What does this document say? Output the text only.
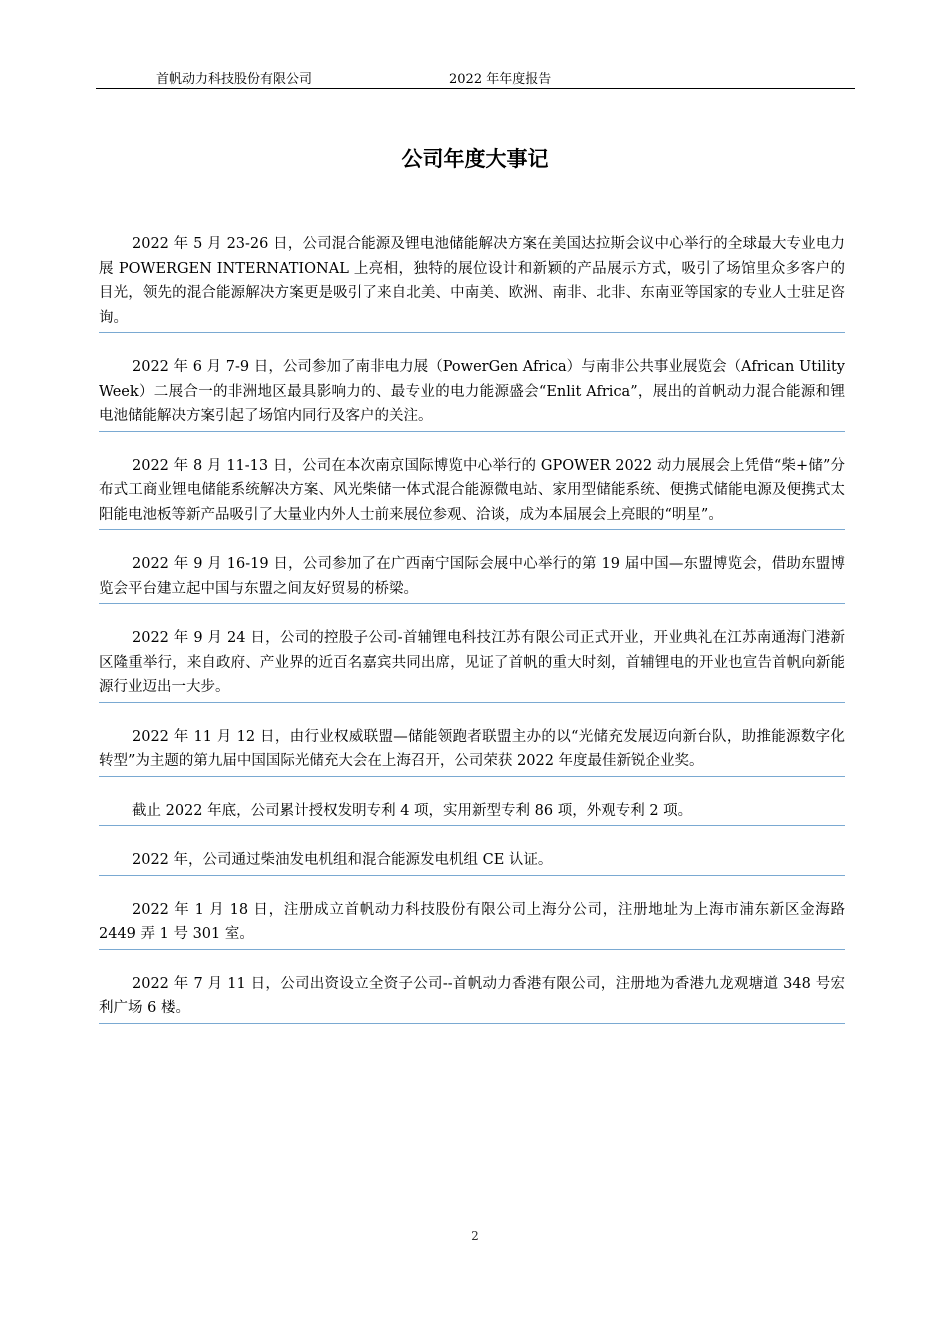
首帆动力科技股份有限公司	2022 年年度报告
公司年度大事记

2022 年 5 月 23-26 日，公司混合能源及锂电池储能解决方案在美国达拉斯会议中心举行的全球最大专业电力展 POWERGEN INTERNATIONAL 上亮相，独特的展位设计和新颖的产品展示方式，吸引了场馆里众多客户的目光，领先的混合能源解决方案更是吸引了来自北美、中南美、欧洲、南非、北非、东南亚等国家的专业人士驻足咨询。

2022 年 6 月 7-9 日，公司参加了南非电力展（PowerGen Africa）与南非公共事业展览会（African Utility Week）二展合一的非洲地区最具影响力的、最专业的电力能源盛会“Enlit Africa”，展出的首帆动力混合能源和锂电池储能解决方案引起了场馆内同行及客户的关注。

2022 年 8 月 11-13 日，公司在本次南京国际博览中心举行的 GPOWER 2022 动力展展会上凭借“柴+储”分布式工商业锂电储能系统解决方案、风光柴储一体式混合能源微电站、家用型储能系统、便携式储能电源及便携式太阳能电池板等新产品吸引了大量业内外人士前来展位参观、洽谈，成为本届展会上亮眼的“明星”。

2022 年 9 月 16-19 日，公司参加了在广西南宁国际会展中心举行的第 19 届中国—东盟博览会，借助东盟博览会平台建立起中国与东盟之间友好贸易的桥梁。

2022 年 9 月 24 日，公司的控股子公司-首辅锂电科技江苏有限公司正式开业，开业典礼在江苏南通海门港新区隆重举行，来自政府、产业界的近百名嘉宾共同出席，见证了首帆的重大时刻，首辅锂电的开业也宣告首帆向新能源行业迈出一大步。

2022 年 11 月 12 日，由行业权威联盟—储能领跑者联盟主办的以“光储充发展迈向新台队，助推能源数字化转型”为主题的第九届中国国际光储充大会在上海召开，公司荣获 2022 年度最佳新锐企业奖。

截止 2022 年底，公司累计授权发明专利 4 项，实用新型专利 86 项，外观专利 2 项。

2022 年，公司通过柴油发电机组和混合能源发电机组 CE 认证。

2022 年 1 月 18 日，注册成立首帆动力科技股份有限公司上海分公司，注册地址为上海市浦东新区金海路 2449 弄 1 号 301 室。

2022 年 7 月 11 日，公司出资设立全资子公司--首帆动力香港有限公司，注册地为香港九龙观塘道 348 号宏利广场 6 楼。

2
